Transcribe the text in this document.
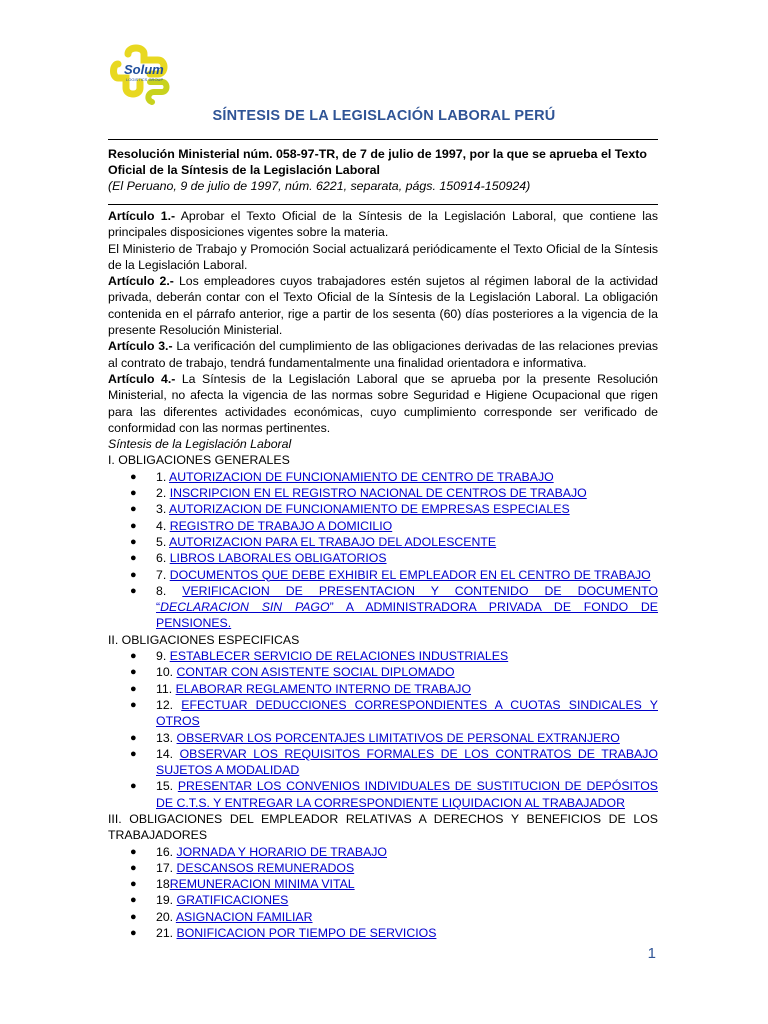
Solum
LOGISTICS GROUP
SÍNTESIS DE LA LEGISLACIÓN LABORAL PERÚ
Resolución Ministerial núm. 058-97-TR, de 7 de julio de 1997, por la que se aprueba el Texto Oficial de la Síntesis de la Legislación Laboral
(El Peruano, 9 de julio de 1997, núm. 6221, separata, págs. 150914-150924)

Artículo 1.- Aprobar el Texto Oficial de la Síntesis de la Legislación Laboral, que contiene las principales disposiciones vigentes sobre la materia.

El Ministerio de Trabajo y Promoción Social actualizará periódicamente el Texto Oficial de la Síntesis de la Legislación Laboral.

Artículo 2.- Los empleadores cuyos trabajadores estén sujetos al régimen laboral de la actividad privada, deberán contar con el Texto Oficial de la Síntesis de la Legislación Laboral. La obligación contenida en el párrafo anterior, rige a partir de los sesenta (60) días posteriores a la vigencia de la presente Resolución Ministerial.

Artículo 3.- La verificación del cumplimiento de las obligaciones derivadas de las relaciones previas al contrato de trabajo, tendrá fundamentalmente una finalidad orientadora e informativa.

Artículo 4.- La Síntesis de la Legislación Laboral que se aprueba por la presente Resolución Ministerial, no afecta la vigencia de las normas sobre Seguridad e Higiene Ocupacional que rigen para las diferentes actividades económicas, cuyo cumplimiento corresponde ser verificado de conformidad con las normas pertinentes.

Síntesis de la Legislación Laboral

I. OBLIGACIONES GENERALES

● 1. AUTORIZACION DE FUNCIONAMIENTO DE CENTRO DE TRABAJO
● 2. INSCRIPCION EN EL REGISTRO NACIONAL DE CENTROS DE TRABAJO
● 3. AUTORIZACION DE FUNCIONAMIENTO DE EMPRESAS ESPECIALES
● 4. REGISTRO DE TRABAJO A DOMICILIO
● 5. AUTORIZACION PARA EL TRABAJO DEL ADOLESCENTE
● 6. LIBROS LABORALES OBLIGATORIOS
● 7. DOCUMENTOS QUE DEBE EXHIBIR EL EMPLEADOR EN EL CENTRO DE TRABAJO
● 8. VERIFICACION DE PRESENTACION Y CONTENIDO DE DOCUMENTO “DECLARACION SIN PAGO” A ADMINISTRADORA PRIVADA DE FONDO DE PENSIONES.

II. OBLIGACIONES ESPECIFICAS

● 9. ESTABLECER SERVICIO DE RELACIONES INDUSTRIALES
● 10. CONTAR CON ASISTENTE SOCIAL DIPLOMADO
● 11. ELABORAR REGLAMENTO INTERNO DE TRABAJO
● 12. EFECTUAR DEDUCCIONES CORRESPONDIENTES A CUOTAS SINDICALES Y OTROS
● 13. OBSERVAR LOS PORCENTAJES LIMITATIVOS DE PERSONAL EXTRANJERO
● 14. OBSERVAR LOS REQUISITOS FORMALES DE LOS CONTRATOS DE TRABAJO SUJETOS A MODALIDAD
● 15. PRESENTAR LOS CONVENIOS INDIVIDUALES DE SUSTITUCION DE DEPÓSITOS DE C.T.S. Y ENTREGAR LA CORRESPONDIENTE LIQUIDACION AL TRABAJADOR

III. OBLIGACIONES DEL EMPLEADOR RELATIVAS A DERECHOS Y BENEFICIOS DE LOS TRABAJADORES

● 16. JORNADA Y HORARIO DE TRABAJO
● 17. DESCANSOS REMUNERADOS
● 18REMUNERACION MINIMA VITAL
● 19. GRATIFICACIONES
● 20. ASIGNACION FAMILIAR
● 21. BONIFICACION POR TIEMPO DE SERVICIOS
1
